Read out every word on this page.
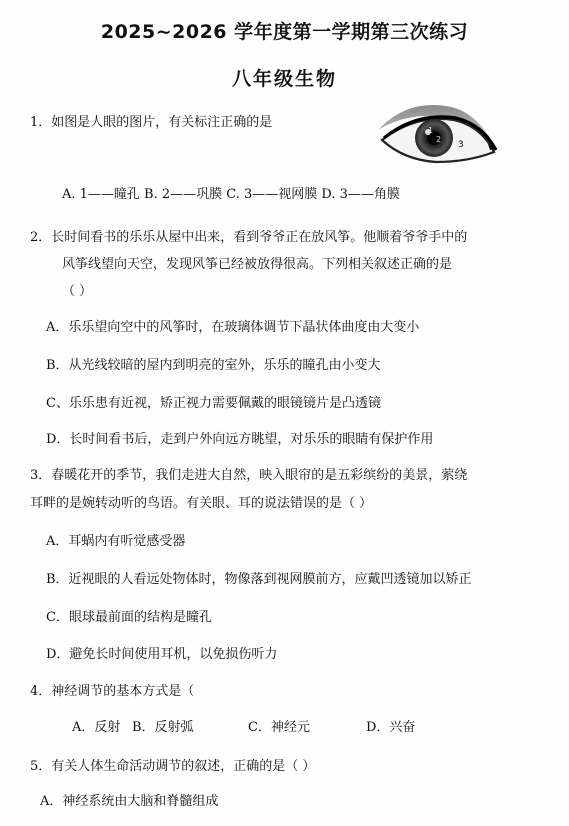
2025~2026 学年度第一学期第三次练习
八年级生物
1．如图是人眼的图片，有关标注正确的是
1
2
3
A. 1——瞳孔 B. 2——巩膜 C. 3——视网膜 D. 3——角膜
2．长时间看书的乐乐从屋中出来，看到爷爷正在放风筝。他顺着爷爷手中的
风筝线望向天空，发现风筝已经被放得很高。下列相关叙述正确的是
（ ）
A．乐乐望向空中的风筝时，在玻璃体调节下晶状体曲度由大变小
B．从光线较暗的屋内到明亮的室外，乐乐的瞳孔由小变大
C、乐乐患有近视，矫正视力需要佩戴的眼镜镜片是凸透镜
D．长时间看书后，走到户外向远方眺望，对乐乐的眼睛有保护作用
3．春暖花开的季节，我们走进大自然，映入眼帘的是五彩缤纷的美景，萦绕
耳畔的是婉转动听的鸟语。有关眼、耳的说法错误的是（ ）
A．耳蜗内有听觉感受器
B．近视眼的人看远处物体时，物像落到视网膜前方，应戴凹透镜加以矫正
C．眼球最前面的结构是瞳孔
D．避免长时间使用耳机，以免损伤听力
4．神经调节的基本方式是（
A．反射 B．反射弧	C．神经元	D．兴奋
5．有关人体生命活动调节的叙述，正确的是（ ）
A．神经系统由大脑和脊髓组成
